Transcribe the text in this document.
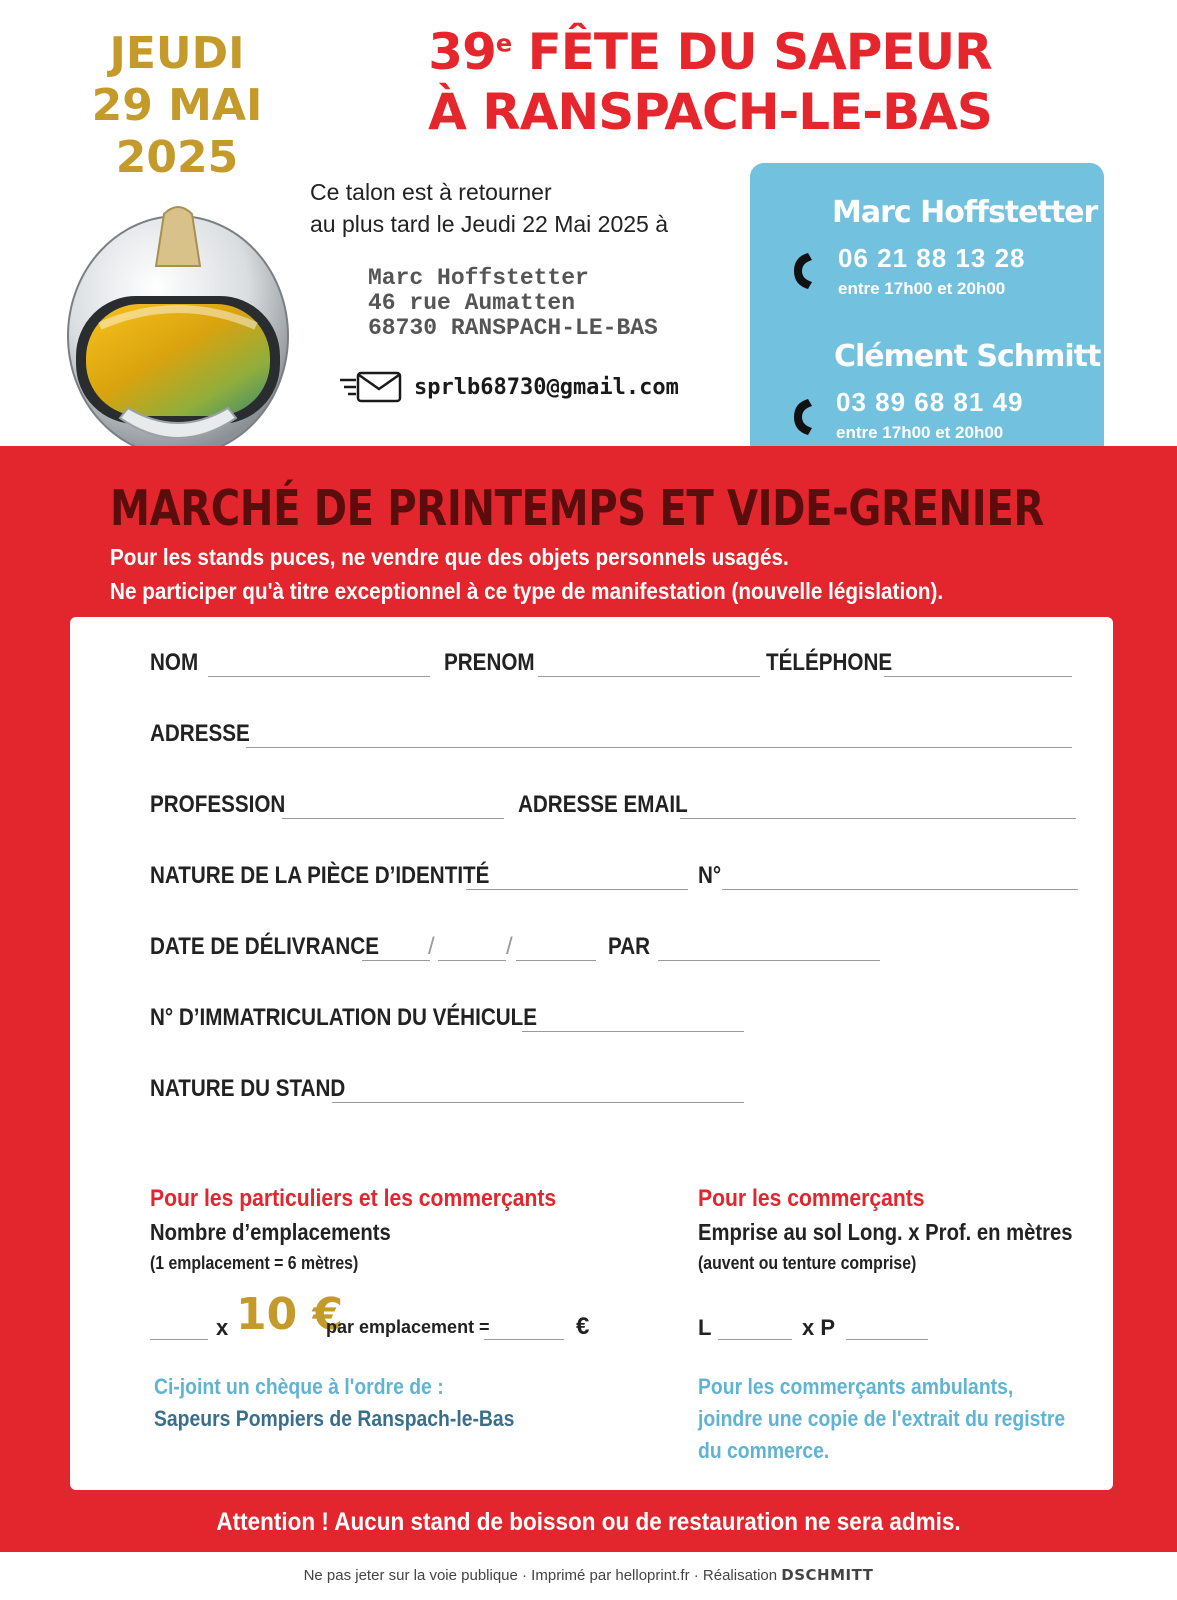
JEUDI
29 MAI
2025
39e FÊTE DU SAPEUR
À RANSPACH-LE-BAS
Ce talon est à retourner
au plus tard le Jeudi 22 Mai 2025 à
Marc Hoffstetter
46 rue Aumatten
68730 RANSPACH-LE-BAS
sprlb68730@gmail.com
Marc Hoffstetter
06 21 88 13 28
entre 17h00 et 20h00
Clément Schmitt
03 89 68 81 49
entre 17h00 et 20h00
MARCHÉ DE PRINTEMPS ET VIDE-GRENIER
Pour les stands puces, ne vendre que des objets personnels usagés.
Ne participer qu'à titre exceptionnel à ce type de manifestation (nouvelle législation).
NOM	PRENOM	TÉLÉPHONE
ADRESSE
PROFESSION	ADRESSE EMAIL
NATURE DE LA PIÈCE D’IDENTITÉ	N°
DATE DE DÉLIVRANCE /	/	PAR
N° D’IMMATRICULATION DU VÉHICULE
NATURE DU STAND
Pour les particuliers et les commerçants
Nombre d’emplacements
(1 emplacement = 6 mètres)
x 10 €
par emplacement =	€
Ci-joint un chèque à l'ordre de :
Sapeurs Pompiers de Ranspach-le-Bas
Pour les commerçants
Emprise au sol Long. x Prof. en mètres
(auvent ou tenture comprise)
L	x P
Pour les commerçants ambulants,
joindre une copie de l'extrait du registre
du commerce.
Attention ! Aucun stand de boisson ou de restauration ne sera admis.
Ne pas jeter sur la voie publique · Imprimé par helloprint.fr · Réalisation DSCHMITT
